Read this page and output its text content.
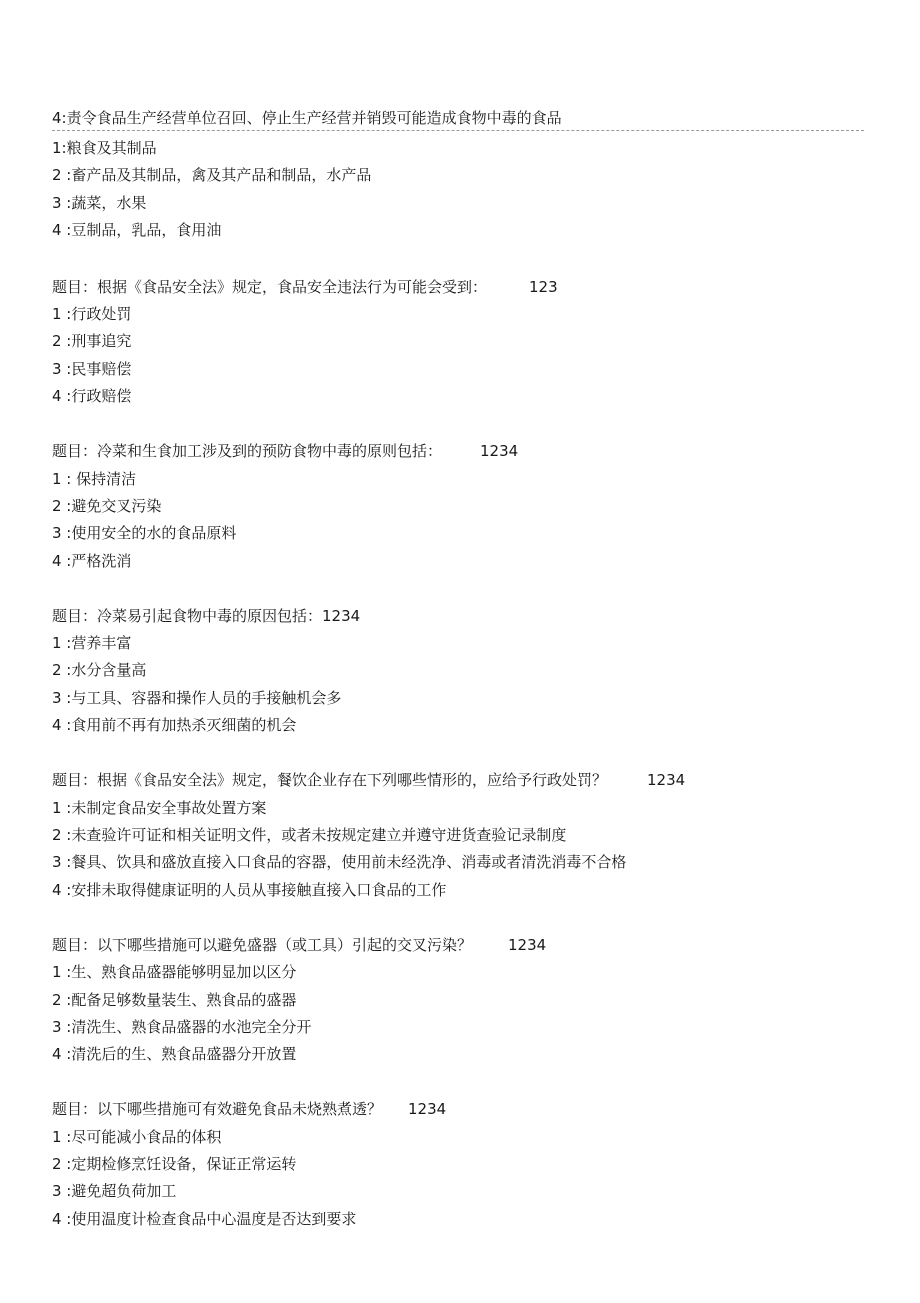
4:责令食品生产经营单位召回、停止生产经营并销毁可能造成食物中毒的食品
1:粮食及其制品
2 :畜产品及其制品，禽及其产品和制品，水产品
3 :蔬菜，水果
4 :豆制品，乳品，食用油
题目：根据《食品安全法》规定，食品安全违法行为可能会受到：	123
1 :行政处罚
2 :刑事追究
3 :民事赔偿
4 :行政赔偿
题目：冷菜和生食加工涉及到的预防食物中毒的原则包括：	1234
1 : 保持清洁
2 :避免交叉污染
3 :使用安全的水的食品原料
4 :严格洗消
题目：冷菜易引起食物中毒的原因包括：1234
1 :营养丰富
2 :水分含量高
3 :与工具、容器和操作人员的手接触机会多
4 :食用前不再有加热杀灭细菌的机会
题目：根据《食品安全法》规定，餐饮企业存在下列哪些情形的，应给予行政处罚？	1234
1 :未制定食品安全事故处置方案
2 :未查验许可证和相关证明文件，或者未按规定建立并遵守进货查验记录制度
3 :餐具、饮具和盛放直接入口食品的容器，使用前未经洗净、消毒或者清洗消毒不合格
4 :安排未取得健康证明的人员从事接触直接入口食品的工作
题目：以下哪些措施可以避免盛器（或工具）引起的交叉污染？ 1234
1 :生、熟食品盛器能够明显加以区分
2 :配备足够数量装生、熟食品的盛器
3 :清洗生、熟食品盛器的水池完全分开
4 :清洗后的生、熟食品盛器分开放置
题目：以下哪些措施可有效避免食品未烧熟煮透？ 1234
1 :尽可能减小食品的体积
2 :定期检修烹饪设备，保证正常运转
3 :避免超负荷加工
4 :使用温度计检查食品中心温度是否达到要求
